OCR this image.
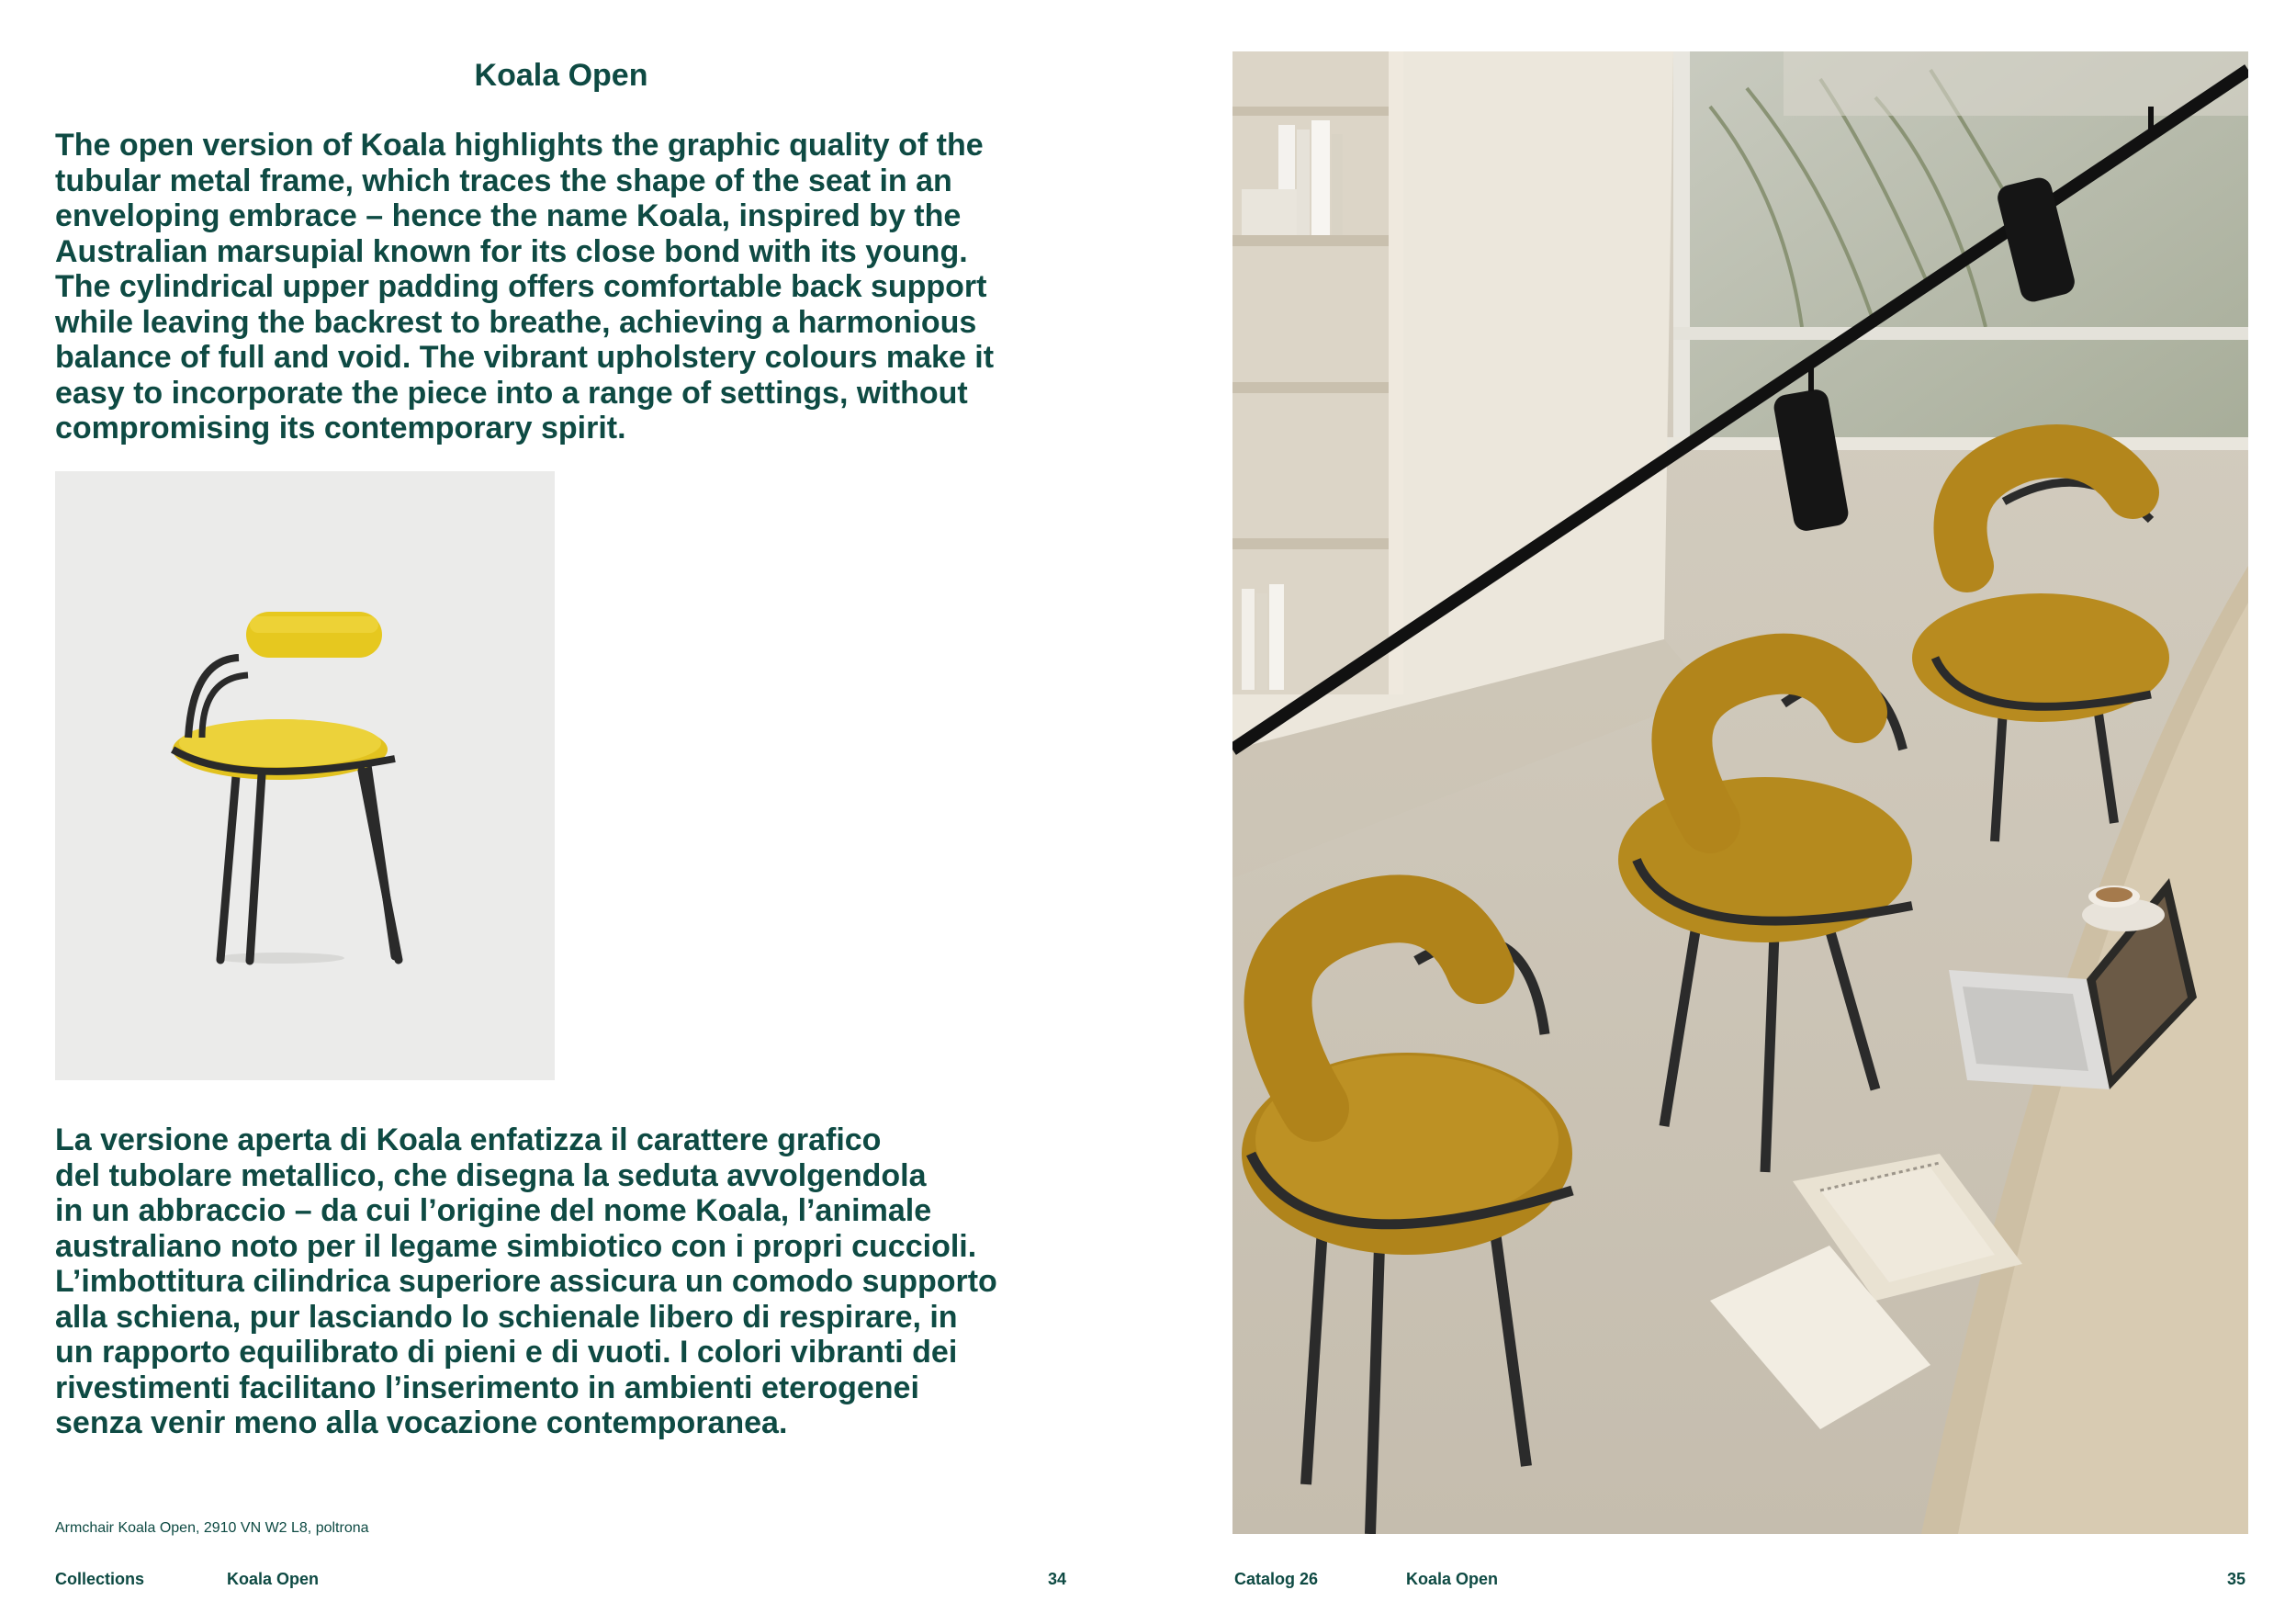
Koala Open

The open version of Koala highlights the graphic quality of the
tubular metal frame, which traces the shape of the seat in an
enveloping embrace – hence the name Koala, inspired by the
Australian marsupial known for its close bond with its young.
The cylindrical upper padding offers comfortable back support
while leaving the backrest to breathe, achieving a harmonious
balance of full and void. The vibrant upholstery colours make it
easy to incorporate the piece into a range of settings, without
compromising its contemporary spirit.

La versione aperta di Koala enfatizza il carattere grafico
del tubolare metallico, che disegna la seduta avvolgendola
in un abbraccio – da cui l’origine del nome Koala, l’animale
australiano noto per il legame simbiotico con i propri cuccioli.
L’imbottitura cilindrica superiore assicura un comodo supporto
alla schiena, pur lasciando lo schienale libero di respirare, in
un rapporto equilibrato di pieni e di vuoti. I colori vibranti dei
rivestimenti facilitano l’inserimento in ambienti eterogenei
senza venir meno alla vocazione contemporanea.

Armchair Koala Open, 2910 VN W2 L8, poltrona
Collections	Koala Open	34	Catalog 26	Koala Open	35
